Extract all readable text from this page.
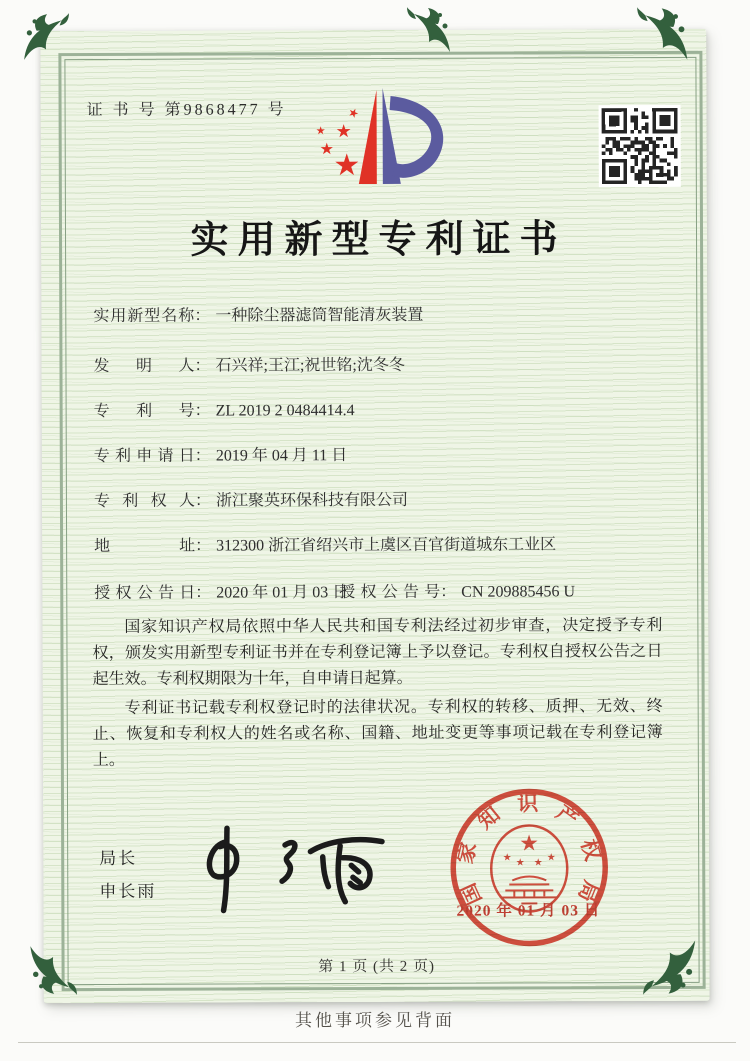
证 书 号 第9868477 号
★
★
★
★
★
实用新型专利证书
实用新型名称： 一种除尘器滤筒智能清灰装置
发 明 人： 石兴祥;王江;祝世铭;沈冬冬
专 利 号： ZL 2019 2 0484414.4
专利申请日： 2019 年 04 月 11 日
专 利 权 人： 浙江聚英环保科技有限公司
地 址： 312300 浙江省绍兴市上虞区百官街道城东工业区
授权公告日： 2020 年 01 月 03 日
授权公告号： CN 209885456 U

国家知识产权局依照中华人民共和国专利法经过初步审查，决定授予专利权，颁发实用新型专利证书并在专利登记簿上予以登记。专利权自授权公告之日起生效。专利权期限为十年，自申请日起算。

专利证书记载专利权登记时的法律状况。专利权的转移、质押、无效、终止、恢复和专利权人的姓名或名称、国籍、地址变更等事项记载在专利登记簿上。

局长
申长雨	国家知识产权局
★
★ ★ ★ ★
2020 年 01 月 03 日
第 1 页 (共 2 页)
其他事项参见背面
